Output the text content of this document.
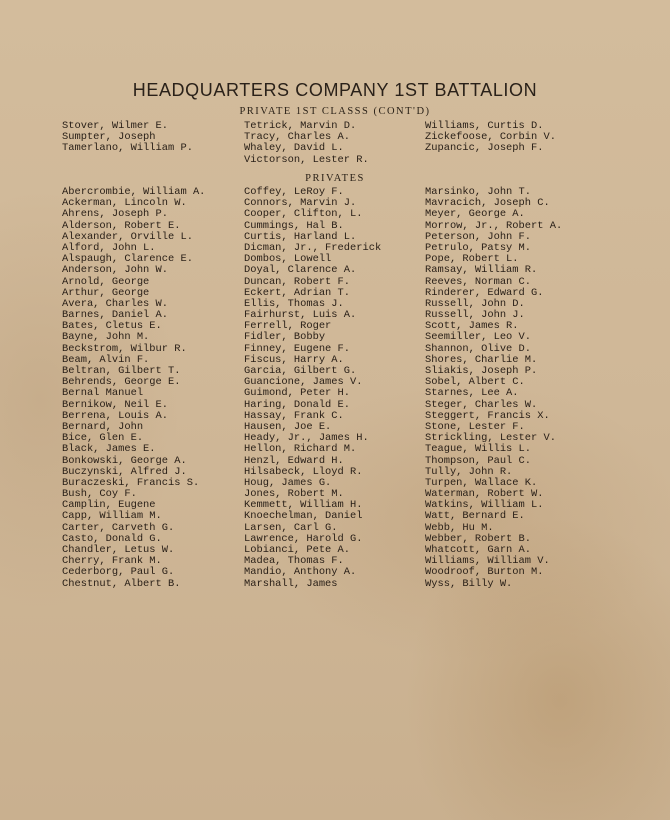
HEADQUARTERS COMPANY 1ST BATTALION
PRIVATE 1ST CLASSS (CONT'D)
Stover, Wilmer E.
Sumpter, Joseph
Tamerlano, William P.
Tetrick, Marvin D.
Tracy, Charles A.
Whaley, David L.
Victorson, Lester R.
Williams, Curtis D.
Zickefoose, Corbin V.
Zupancic, Joseph F.
PRIVATES
Abercrombie, William A.
Ackerman, Lincoln W.
Ahrens, Joseph P.
Alderson, Robert E.
Alexander, Orville L.
Alford, John L.
Alspaugh, Clarence E.
Anderson, John W.
Arnold, George
Arthur, George
Avera, Charles W.
Barnes, Daniel A.
Bates, Cletus E.
Bayne, John M.
Beckstrom, Wilbur R.
Beam, Alvin F.
Beltran, Gilbert T.
Behrends, George E.
Bernal Manuel
Bernikow, Neil E.
Berrena, Louis A.
Bernard, John
Bice, Glen E.
Black, James E.
Bonkowski, George A.
Buczynski, Alfred J.
Buraczeski, Francis S.
Bush, Coy F.
Camplin, Eugene
Capp, William M.
Carter, Carveth G.
Casto, Donald G.
Chandler, Letus W.
Cherry, Frank M.
Cederborg, Paul G.
Chestnut, Albert B.
Coffey, LeRoy F.
Connors, Marvin J.
Cooper, Clifton, L.
Cummings, Hal B.
Curtis, Harland L.
Dicman, Jr., Frederick
Dombos, Lowell
Doyal, Clarence A.
Duncan, Robert F.
Eckert, Adrian T.
Ellis, Thomas J.
Fairhurst, Luis A.
Ferrell, Roger
Fidler, Bobby
Finney, Eugene F.
Fiscus, Harry A.
Garcia, Gilbert G.
Guancione, James V.
Guimond, Peter H.
Haring, Donald E.
Hassay, Frank C.
Hausen, Joe E.
Heady, Jr., James H.
Hellon, Richard M.
Henzl, Edward H.
Hilsabeck, Lloyd R.
Houg, James G.
Jones, Robert M.
Kemmett, William H.
Knoechelman, Daniel
Larsen, Carl G.
Lawrence, Harold G.
Lobianci, Pete A.
Madea, Thomas F.
Mandio, Anthony A.
Marshall, James
Marsinko, John T.
Mavracich, Joseph C.
Meyer, George A.
Morrow, Jr., Robert A.
Peterson, John F.
Petrulo, Patsy M.
Pope, Robert L.
Ramsay, William R.
Reeves, Norman C.
Rinderer, Edward G.
Russell, John D.
Russell, John J.
Scott, James R.
Seemiller, Leo V.
Shannon, Olive D.
Shores, Charlie M.
Sliakis, Joseph P.
Sobel, Albert C.
Starnes, Lee A.
Steger, Charles W.
Steggert, Francis X.
Stone, Lester F.
Strickling, Lester V.
Teague, Willis L.
Thompson, Paul C.
Tully, John R.
Turpen, Wallace K.
Waterman, Robert W.
Watkins, William L.
Watt, Bernard E.
Webb, Hu M.
Webber, Robert B.
Whatcott, Garn A.
Williams, William V.
Woodroof, Burton M.
Wyss, Billy W.
